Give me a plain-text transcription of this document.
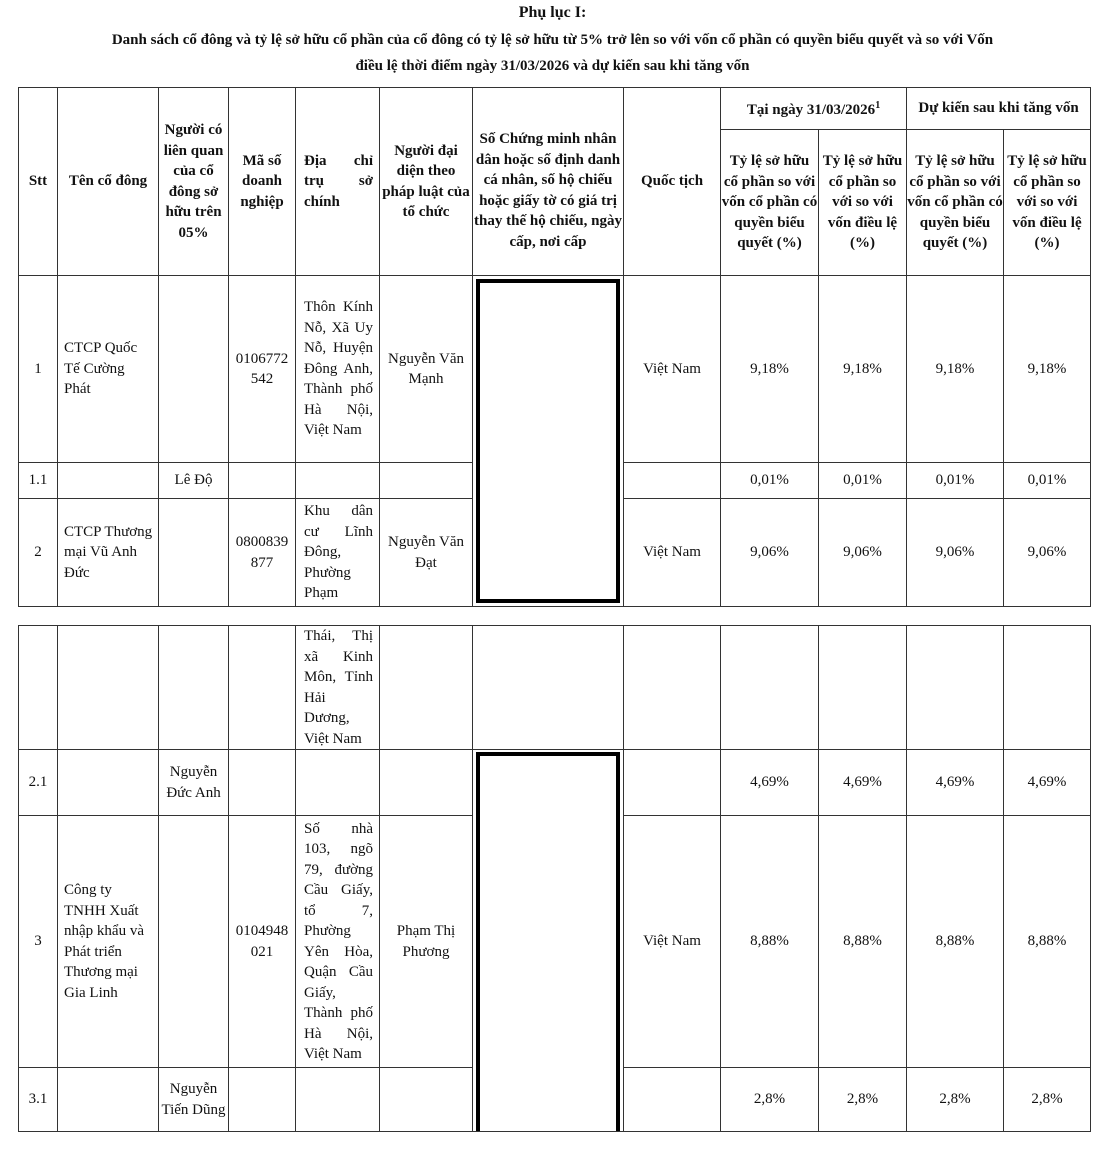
Phụ lục I:
Danh sách cổ đông và tỷ lệ sở hữu cổ phần của cổ đông có tỷ lệ sở hữu từ 5% trở lên so với vốn cổ phần có quyền biểu quyết và so với Vốn
điều lệ thời điểm ngày 31/03/2026 và dự kiến sau khi tăng vốn
Stt	Tên cổ đông	Người có liên quan của cổ đông sở hữu trên 05%	Mã số doanh nghiệp	Địa chỉ trụ sở chính	Người đại diện theo pháp luật của tổ chức	Số Chứng minh nhân dân hoặc số định danh cá nhân, số hộ chiếu hoặc giấy tờ có giá trị thay thế hộ chiếu, ngày cấp, nơi cấp	Quốc tịch	Tại ngày 31/03/2026$^1$		Dự kiến sau khi tăng vốn	
								Tỷ lệ sở hữu cổ phần so với vốn cổ phần có quyền biểu quyết (%)	Tỷ lệ sở hữu cổ phần so với so với vốn điều lệ (%)	Tỷ lệ sở hữu cổ phần so với vốn cổ phần có quyền biểu quyết (%)	Tỷ lệ sở hữu cổ phần so với so với vốn điều lệ (%)
1	CTCP Quốc Tế Cường Phát		0106772542	Thôn Kính Nỗ, Xã Uy Nỗ, Huyện Đông Anh, Thành phố Hà Nội, Việt Nam	Nguyễn Văn Mạnh		Việt Nam	9,18%	9,18%	9,18%	9,18%
1.1		Lê Độ						0,01%	0,01%	0,01%	0,01%
2	CTCP Thương mại Vũ Anh Đức		0800839877	Khu dân cư Lĩnh Đông, Phường Phạm	Nguyễn Văn Đạt		Việt Nam	9,06%	9,06%	9,06%	9,06%
				Thái, Thị xã Kinh Môn, Tỉnh Hải Dương, Việt Nam							
2.1		Nguyễn Đức Anh						4,69%	4,69%	4,69%	4,69%
3	Công ty TNHH Xuất nhập khẩu và Phát triển Thương mại Gia Linh		0104948021	Số nhà 103, ngõ 79, đường Cầu Giấy, tổ 7, Phường Yên Hòa, Quận Cầu Giấy, Thành phố Hà Nội, Việt Nam	Phạm Thị Phương		Việt Nam	8,88%	8,88%	8,88%	8,88%
3.1		Nguyễn Tiến Dũng						2,8%	2,8%	2,8%	2,8%
